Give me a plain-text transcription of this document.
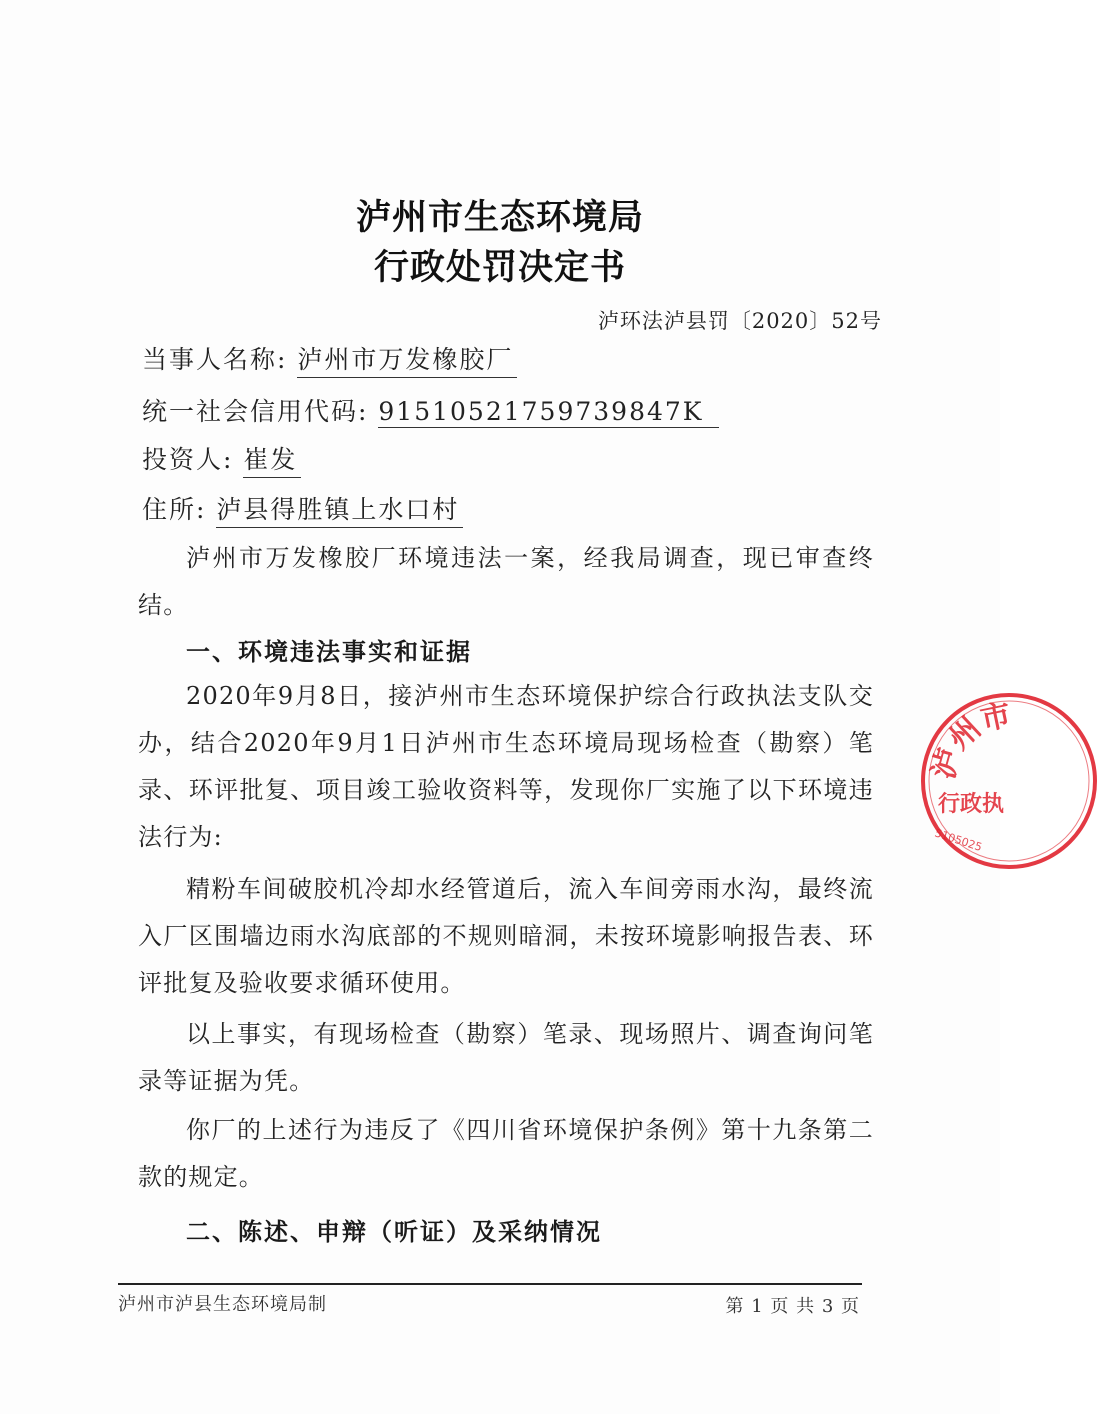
泸州市生态环境局
行政处罚决定书
泸环法泸县罚〔2020〕52号
当事人名称: 泸州市万发橡胶厂
统一社会信用代码: 91510521759739847K
投资人: 崔发
住所: 泸县得胜镇上水口村

泸州市万发橡胶厂环境违法一案，经我局调查，现已审查终结。

一、环境违法事实和证据

2020年9月8日，接泸州市生态环境保护综合行政执法支队交办，结合2020年9月1日泸州市生态环境局现场检查（勘察）笔录、环评批复、项目竣工验收资料等，发现你厂实施了以下环境违法行为:

精粉车间破胶机冷却水经管道后，流入车间旁雨水沟，最终流入厂区围墙边雨水沟底部的不规则暗洞，未按环境影响报告表、环评批复及验收要求循环使用。

以上事实，有现场检查（勘察）笔录、现场照片、调查询问笔录等证据为凭。

你厂的上述行为违反了《四川省环境保护条例》第十九条第二款的规定。

二、陈述、申辩（听证）及采纳情况
泸州市泸县生态环境局制	第 1 页 共 3 页
泸州市
行政执
5105025
